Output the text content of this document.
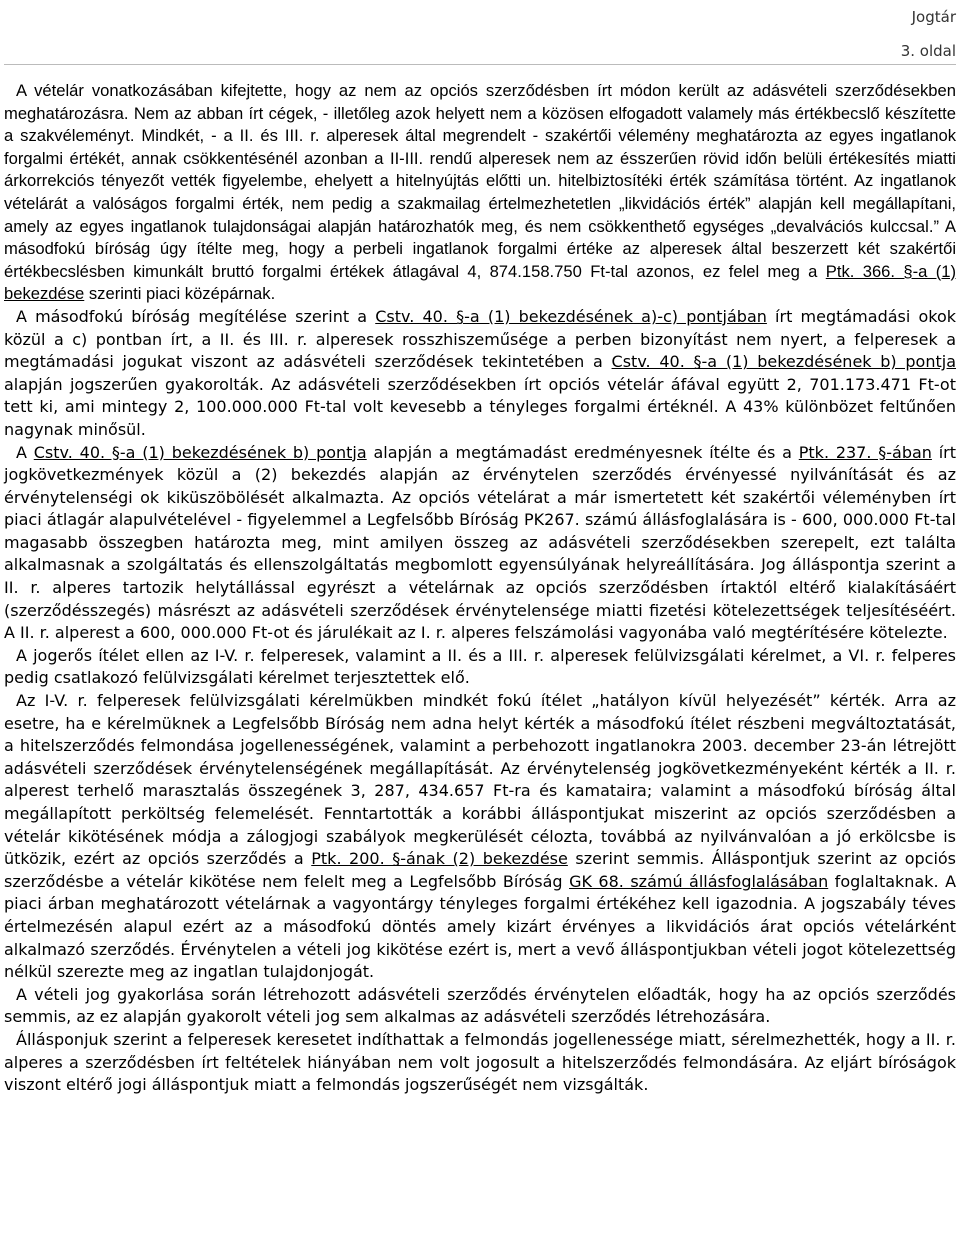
Jogtár
3. oldal

A vételár vonatkozásában kifejtette, hogy az nem az opciós szerződésben írt módon került az adásvételi szerződésekben meghatározásra. Nem az abban írt cégek, - illetőleg azok helyett nem a közösen elfogadott valamely más értékbecslő készítette a szakvéleményt. Mindkét, - a II. és III. r. alperesek által megrendelt - szakértői vélemény meghatározta az egyes ingatlanok forgalmi értékét, annak csökkentésénél azonban a II-III. rendű alperesek nem az ésszerűen rövid időn belüli értékesítés miatti árkorrekciós tényezőt vették figyelembe, ehelyett a hitelnyújtás előtti un. hitelbiztosítéki érték számítása történt. Az ingatlanok vételárát a valóságos forgalmi érték, nem pedig a szakmailag értelmezhetetlen „likvidációs érték” alapján kell megállapítani, amely az egyes ingatlanok tulajdonságai alapján határozhatók meg, és nem csökkenthető egységes „devalvációs kulccsal.” A másodfokú bíróság úgy ítélte meg, hogy a perbeli ingatlanok forgalmi értéke az alperesek által beszerzett két szakértői értékbecslésben kimunkált bruttó forgalmi értékek átlagával 4, 874.158.750 Ft-tal azonos, ez felel meg a Ptk. 366. §-a (1) bekezdése szerinti piaci középárnak.

A másodfokú bíróság megítélése szerint a Cstv. 40. §-a (1) bekezdésének a)-c) pontjában írt megtámadási okok közül a c) pontban írt, a II. és III. r. alperesek rosszhiszeműsége a perben bizonyítást nem nyert, a felperesek a megtámadási jogukat viszont az adásvételi szerződések tekintetében a Cstv. 40. §-a (1) bekezdésének b) pontja alapján jogszerűen gyakorolták. Az adásvételi szerződésekben írt opciós vételár áfával együtt 2, 701.173.471 Ft-ot tett ki, ami mintegy 2, 100.000.000 Ft-tal volt kevesebb a tényleges forgalmi értéknél. A 43% különbözet feltűnően nagynak minősül.

A Cstv. 40. §-a (1) bekezdésének b) pontja alapján a megtámadást eredményesnek ítélte és a Ptk. 237. §-ában írt jogkövetkezmények közül a (2) bekezdés alapján az érvénytelen szerződés érvényessé nyilvánítását és az érvénytelenségi ok kiküszöbölését alkalmazta. Az opciós vételárat a már ismertetett két szakértői véleményben írt piaci átlagár alapulvételével - figyelemmel a Legfelsőbb Bíróság PK267. számú állásfoglalására is - 600, 000.000 Ft-tal magasabb összegben határozta meg, mint amilyen összeg az adásvételi szerződésekben szerepelt, ezt találta alkalmasnak a szolgáltatás és ellenszolgáltatás megbomlott egyensúlyának helyreállítására. Jog álláspontja szerint a II. r. alperes tartozik helytállással egyrészt a vételárnak az opciós szerződésben írtaktól eltérő kialakításáért (szerződésszegés) másrészt az adásvételi szerződések érvénytelensége miatti fizetési kötelezettségek teljesítéséért. A II. r. alperest a 600, 000.000 Ft-ot és járulékait az I. r. alperes felszámolási vagyonába való megtérítésére kötelezte.

A jogerős ítélet ellen az I-V. r. felperesek, valamint a II. és a III. r. alperesek felülvizsgálati kérelmet, a VI. r. felperes pedig csatlakozó felülvizsgálati kérelmet terjesztettek elő.

Az I-V. r. felperesek felülvizsgálati kérelmükben mindkét fokú ítélet „hatályon kívül helyezését” kérték. Arra az esetre, ha e kérelmüknek a Legfelsőbb Bíróság nem adna helyt kérték a másodfokú ítélet részbeni megváltoztatását, a hitelszerződés felmondása jogellenességének, valamint a perbehozott ingatlanokra 2003. december 23-án létrejött adásvételi szerződések érvénytelenségének megállapítását. Az érvénytelenség jogkövetkezményeként kérték a II. r. alperest terhelő marasztalás összegének 3, 287, 434.657 Ft-ra és kamataira; valamint a másodfokú bíróság által megállapított perköltség felemelését. Fenntartották a korábbi álláspontjukat miszerint az opciós szerződésben a vételár kikötésének módja a zálogjogi szabályok megkerülését célozta, továbbá az nyilvánvalóan a jó erkölcsbe is ütközik, ezért az opciós szerződés a Ptk. 200. §-ának (2) bekezdése szerint semmis. Álláspontjuk szerint az opciós szerződésbe a vételár kikötése nem felelt meg a Legfelsőbb Bíróság GK 68. számú állásfoglalásában foglaltaknak. A piaci árban meghatározott vételárnak a vagyontárgy tényleges forgalmi értékéhez kell igazodnia. A jogszabály téves értelmezésén alapul ezért az a másodfokú döntés amely kizárt érvényes a likvidációs árat opciós vételárként alkalmazó szerződés. Érvénytelen a vételi jog kikötése ezért is, mert a vevő álláspontjukban vételi jogot kötelezettség nélkül szerezte meg az ingatlan tulajdonjogát.

A vételi jog gyakorlása során létrehozott adásvételi szerződés érvénytelen előadták, hogy ha az opciós szerződés semmis, az ez alapján gyakorolt vételi jog sem alkalmas az adásvételi szerződés létrehozására.

Állásponjuk szerint a felperesek keresetet indíthattak a felmondás jogellenessége miatt, sérelmezhették, hogy a II. r. alperes a szerződésben írt feltételek hiányában nem volt jogosult a hitelszerződés felmondására. Az eljárt bíróságok viszont eltérő jogi álláspontjuk miatt a felmondás jogszerűségét nem vizsgálták.
